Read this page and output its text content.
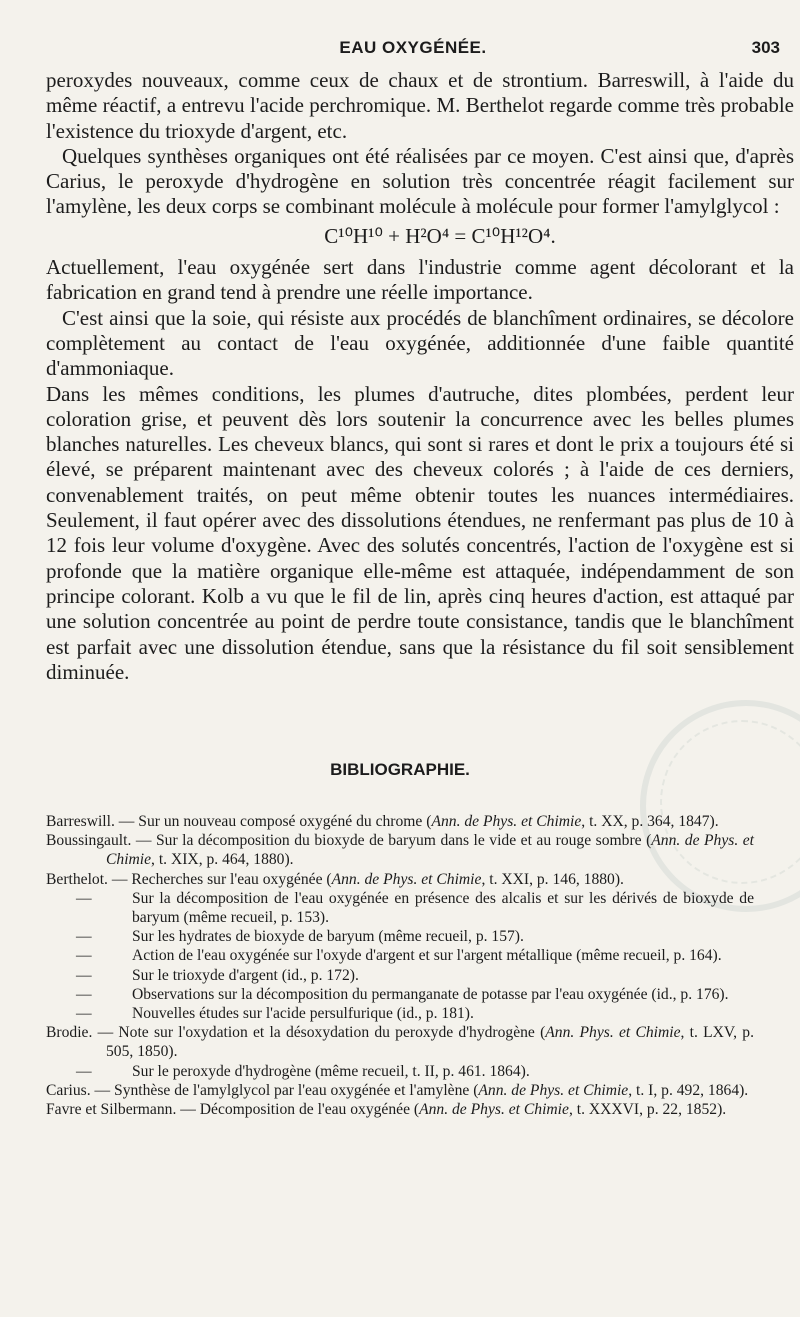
EAU OXYGÉNÉE.	303

peroxydes nouveaux, comme ceux de chaux et de strontium. Barreswill, à l'aide du même réactif, a entrevu l'acide perchromique. M. Berthelot regarde comme très probable l'existence du trioxyde d'argent, etc.

Quelques synthèses organiques ont été réalisées par ce moyen. C'est ainsi que, d'après Carius, le peroxyde d'hydrogène en solution très concentrée réagit facilement sur l'amylène, les deux corps se combinant molécule à molécule pour former l'amylglycol :

C¹⁰H¹⁰ + H²O⁴ = C¹⁰H¹²O⁴.

Actuellement, l'eau oxygénée sert dans l'industrie comme agent décolorant et la fabrication en grand tend à prendre une réelle importance.

C'est ainsi que la soie, qui résiste aux procédés de blanchîment ordinaires, se décolore complètement au contact de l'eau oxygénée, additionnée d'une faible quantité d'ammoniaque.

Dans les mêmes conditions, les plumes d'autruche, dites plombées, perdent leur coloration grise, et peuvent dès lors soutenir la concurrence avec les belles plumes blanches naturelles. Les cheveux blancs, qui sont si rares et dont le prix a toujours été si élevé, se préparent maintenant avec des cheveux colorés ; à l'aide de ces derniers, convenablement traités, on peut même obtenir toutes les nuances intermédiaires. Seulement, il faut opérer avec des dissolutions étendues, ne renfermant pas plus de 10 à 12 fois leur volume d'oxygène. Avec des solutés concentrés, l'action de l'oxygène est si profonde que la matière organique elle-même est attaquée, indépendamment de son principe colorant. Kolb a vu que le fil de lin, après cinq heures d'action, est attaqué par une solution concentrée au point de perdre toute consistance, tandis que le blanchîment est parfait avec une dissolution étendue, sans que la résistance du fil soit sensiblement diminuée.

BIBLIOGRAPHIE.

Barreswill. — Sur un nouveau composé oxygéné du chrome (Ann. de Phys. et Chimie, t. XX, p. 364, 1847).

Boussingault. — Sur la décomposition du bioxyde de baryum dans le vide et au rouge sombre (Ann. de Phys. et Chimie, t. XIX, p. 464, 1880).

Berthelot. — Recherches sur l'eau oxygénée (Ann. de Phys. et Chimie, t. XXI, p. 146, 1880).

—	Sur la décomposition de l'eau oxygénée en présence des alcalis et sur les dérivés de bioxyde de baryum (même recueil, p. 153).

—	Sur les hydrates de bioxyde de baryum (même recueil, p. 157).

—	Action de l'eau oxygénée sur l'oxyde d'argent et sur l'argent métallique (même recueil, p. 164).

—	Sur le trioxyde d'argent (id., p. 172).

—	Observations sur la décomposition du permanganate de potasse par l'eau oxygénée (id., p. 176).

—	Nouvelles études sur l'acide persulfurique (id., p. 181).

Brodie. — Note sur l'oxydation et la désoxydation du peroxyde d'hydrogène (Ann. Phys. et Chimie, t. LXV, p. 505, 1850).

—	Sur le peroxyde d'hydrogène (même recueil, t. II, p. 461. 1864).

Carius. — Synthèse de l'amylglycol par l'eau oxygénée et l'amylène (Ann. de Phys. et Chimie, t. I, p. 492, 1864).

Favre et Silbermann. — Décomposition de l'eau oxygénée (Ann. de Phys. et Chimie, t. XXXVI, p. 22, 1852).
